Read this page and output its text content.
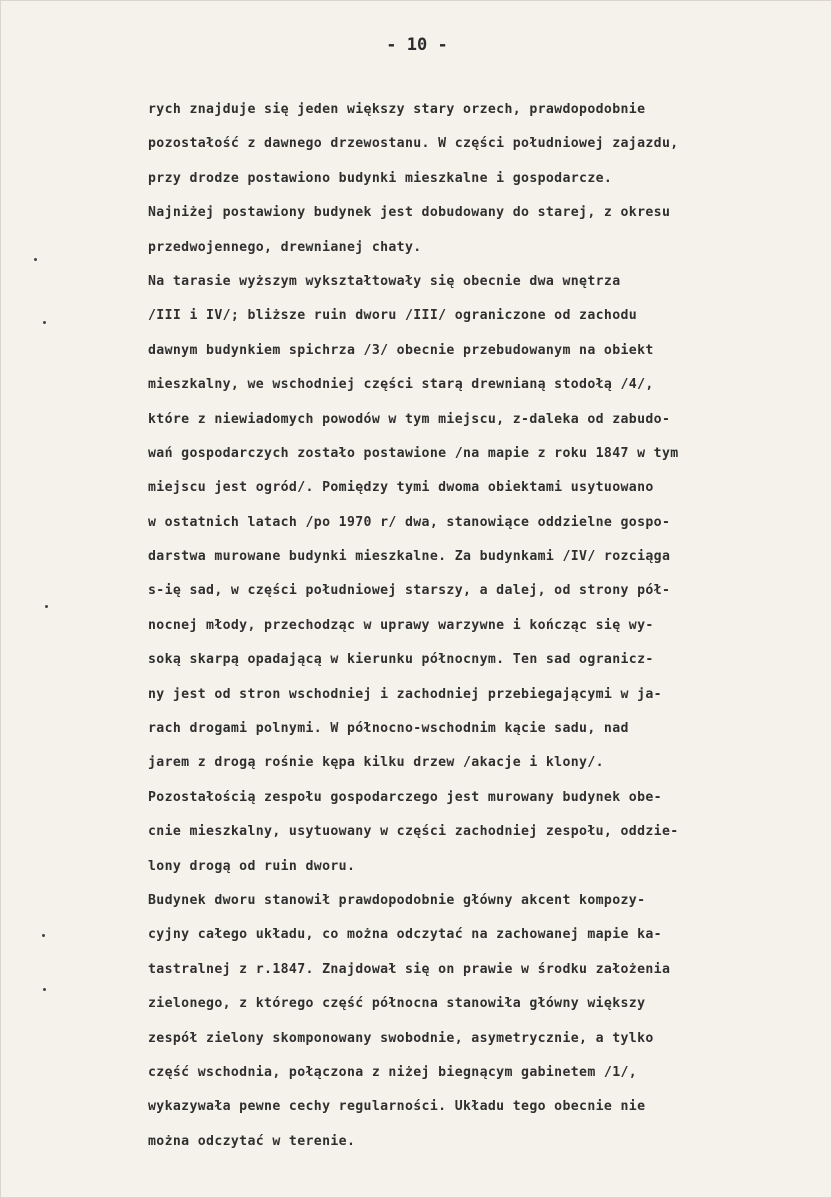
- 10 -
rych znajduje się jeden większy stary orzech, prawdopodobnie
pozostałość z dawnego drzewostanu. W części południowej zajazdu,
przy drodze postawiono budynki mieszkalne i gospodarcze.
Najniżej postawiony budynek jest dobudowany do starej, z okresu
przedwojennego, drewnianej chaty.
Na tarasie wyższym wykształtowały się obecnie dwa wnętrza
/III i IV/; bliższe ruin dworu /III/ ograniczone od zachodu
dawnym budynkiem spichrza /3/ obecnie przebudowanym na obiekt
mieszkalny, we wschodniej części starą drewnianą stodołą /4/,
które z niewiadomych powodów w tym miejscu, z-daleka od zabudo-
wań gospodarczych zostało postawione /na mapie z roku 1847 w tym
miejscu jest ogród/. Pomiędzy tymi dwoma obiektami usytuowano
w ostatnich latach /po 1970 r/ dwa, stanowiące oddzielne gospo-
darstwa murowane budynki mieszkalne. Za budynkami /IV/ rozciąga
s-ię sad, w części południowej starszy, a dalej, od strony pół-
nocnej młody, przechodząc w uprawy warzywne i kończąc się wy-
soką skarpą opadającą w kierunku północnym. Ten sad ogranicz-
ny jest od stron wschodniej i zachodniej przebiegającymi w ja-
rach drogami polnymi. W północno-wschodnim kącie sadu, nad
jarem z drogą rośnie kępa kilku drzew /akacje i klony/.
Pozostałością zespołu gospodarczego jest murowany budynek obe-
cnie mieszkalny, usytuowany w części zachodniej zespołu, oddzie-
lony drogą od ruin dworu.
Budynek dworu stanowił prawdopodobnie główny akcent kompozy-
cyjny całego układu, co można odczytać na zachowanej mapie ka-
tastralnej z r.1847. Znajdował się on prawie w środku założenia
zielonego, z którego część północna stanowiła główny większy
zespół zielony skomponowany swobodnie, asymetrycznie, a tylko
część wschodnia, połączona z niżej biegnącym gabinetem /1/,
wykazywała pewne cechy regularności. Układu tego obecnie nie
można odczytać w terenie.
